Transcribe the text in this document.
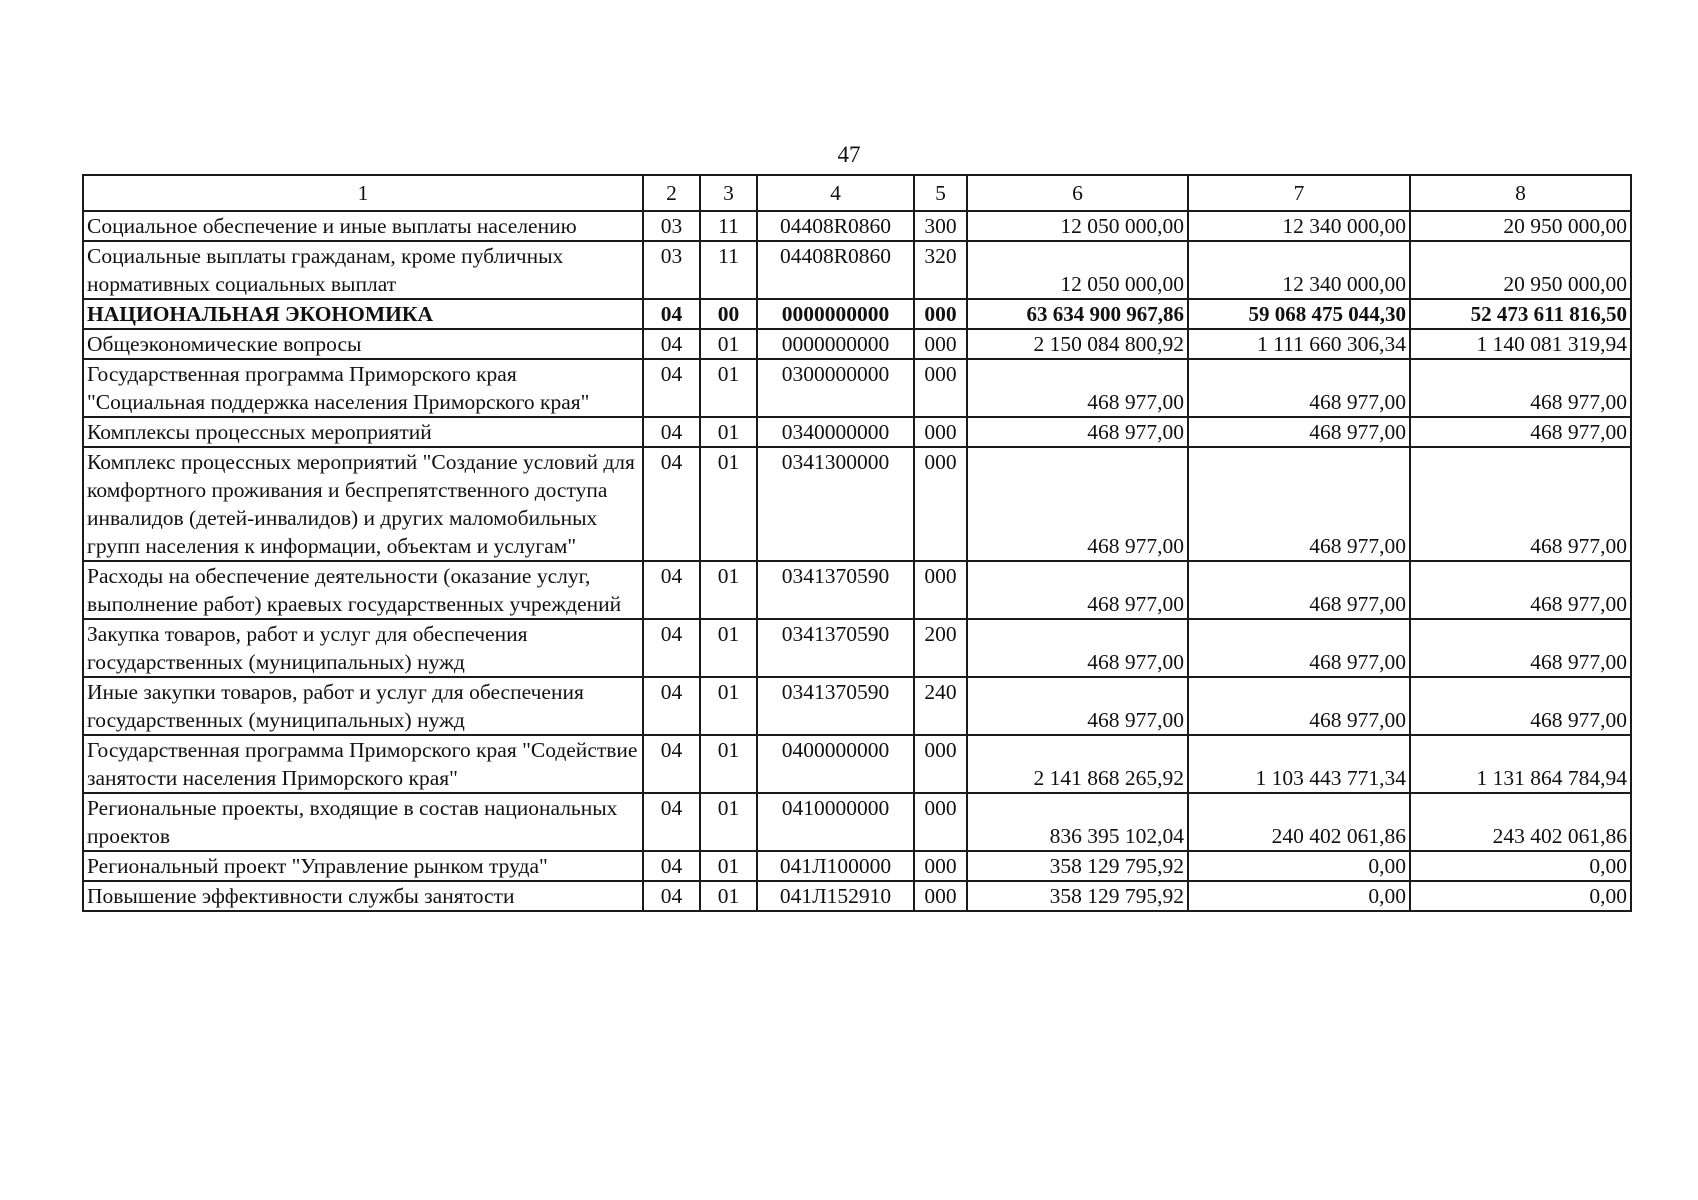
47
1	2	3	4	5	6	7	8
Социальное обеспечение и иные выплаты населению	03	11	04408R0860	300	12 050 000,00	12 340 000,00	20 950 000,00
Социальные выплаты гражданам, кроме публичных нормативных социальных выплат	03	11	04408R0860	320	12 050 000,00	12 340 000,00	20 950 000,00
НАЦИОНАЛЬНАЯ ЭКОНОМИКА	04	00	0000000000	000	63 634 900 967,86	59 068 475 044,30	52 473 611 816,50
Общеэкономические вопросы	04	01	0000000000	000	2 150 084 800,92	1 111 660 306,34	1 140 081 319,94
Государственная программа Приморского края "Социальная поддержка населения Приморского края"	04	01	0300000000	000	468 977,00	468 977,00	468 977,00
Комплексы процессных мероприятий	04	01	0340000000	000	468 977,00	468 977,00	468 977,00
Комплекс процессных мероприятий "Создание условий для комфортного проживания и беспрепятственного доступа инвалидов (детей-инвалидов) и других маломобильных групп населения к информации, объектам и услугам"	04	01	0341300000	000	468 977,00	468 977,00	468 977,00
Расходы на обеспечение деятельности (оказание услуг, выполнение работ) краевых государственных учреждений	04	01	0341370590	000	468 977,00	468 977,00	468 977,00
Закупка товаров, работ и услуг для обеспечения государственных (муниципальных) нужд	04	01	0341370590	200	468 977,00	468 977,00	468 977,00
Иные закупки товаров, работ и услуг для обеспечения государственных (муниципальных) нужд	04	01	0341370590	240	468 977,00	468 977,00	468 977,00
Государственная программа Приморского края "Содействие занятости населения Приморского края"	04	01	0400000000	000	2 141 868 265,92	1 103 443 771,34	1 131 864 784,94
Региональные проекты, входящие в состав национальных проектов	04	01	0410000000	000	836 395 102,04	240 402 061,86	243 402 061,86
Региональный проект "Управление рынком труда"	04	01	041Л100000	000	358 129 795,92	0,00	0,00
Повышение эффективности службы занятости	04	01	041Л152910	000	358 129 795,92	0,00	0,00
